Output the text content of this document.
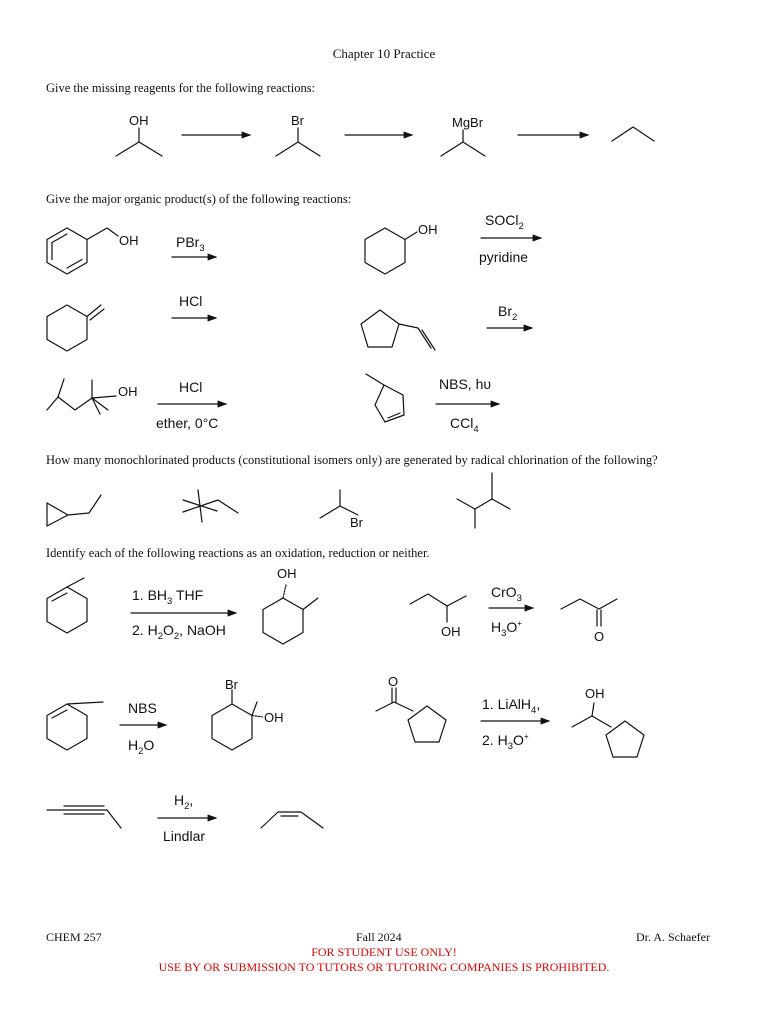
Chapter 10 Practice
Give the missing reagents for the following reactions:
Give the major organic product(s) of the following reactions:
How many monochlorinated products (constitutional isomers only) are generated by radical chlorination of the following?
Identify each of the following reactions as an oxidation, reduction or neither.
OH	Br	MgBr
OH	PBr$_3$
OH
SOCl$_2$
pyridine
HCl
$Br_2$
OH	HCl
ether, 0°C
NBS, hυ
CCl$_4$
Br
1. $BH_3$ THF
2. $H_2O_2$, NaOH
OH
OH
CrO$_3$
$H_3O^+$
O
NBS
$H_2O$
Br
OH
O
1. LiAlH$_4$,
2. $H_3O^+$
OH
$H_2$,
Lindlar
CHEM 257	Fall 2024	Dr. A. Schaefer
FOR STUDENT USE ONLY!
USE BY OR SUBMISSION TO TUTORS OR TUTORING COMPANIES IS PROHIBITED.
